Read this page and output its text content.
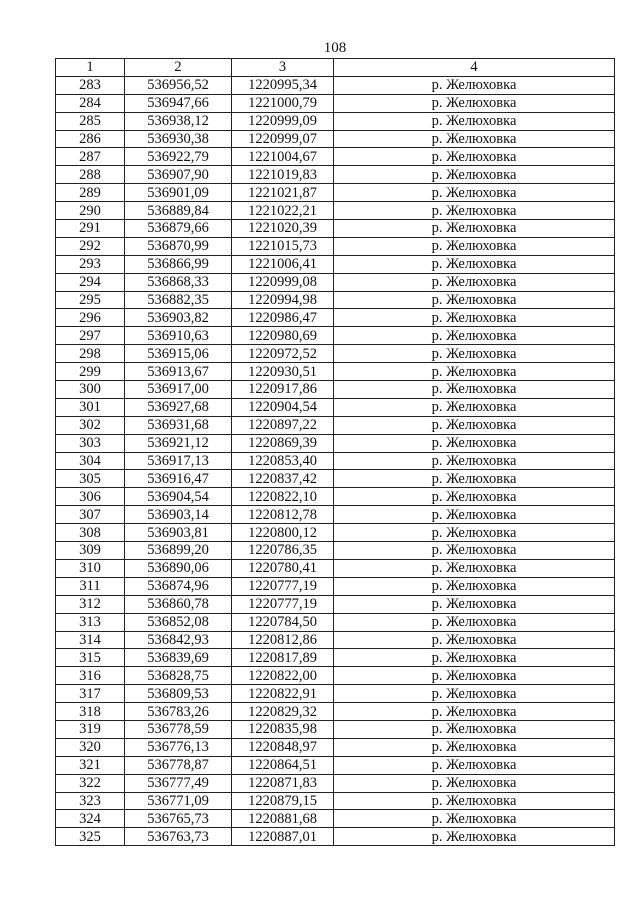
108
1	2	3	4
283	536956,52	1220995,34	р. Желюховка
284	536947,66	1221000,79	р. Желюховка
285	536938,12	1220999,09	р. Желюховка
286	536930,38	1220999,07	р. Желюховка
287	536922,79	1221004,67	р. Желюховка
288	536907,90	1221019,83	р. Желюховка
289	536901,09	1221021,87	р. Желюховка
290	536889,84	1221022,21	р. Желюховка
291	536879,66	1221020,39	р. Желюховка
292	536870,99	1221015,73	р. Желюховка
293	536866,99	1221006,41	р. Желюховка
294	536868,33	1220999,08	р. Желюховка
295	536882,35	1220994,98	р. Желюховка
296	536903,82	1220986,47	р. Желюховка
297	536910,63	1220980,69	р. Желюховка
298	536915,06	1220972,52	р. Желюховка
299	536913,67	1220930,51	р. Желюховка
300	536917,00	1220917,86	р. Желюховка
301	536927,68	1220904,54	р. Желюховка
302	536931,68	1220897,22	р. Желюховка
303	536921,12	1220869,39	р. Желюховка
304	536917,13	1220853,40	р. Желюховка
305	536916,47	1220837,42	р. Желюховка
306	536904,54	1220822,10	р. Желюховка
307	536903,14	1220812,78	р. Желюховка
308	536903,81	1220800,12	р. Желюховка
309	536899,20	1220786,35	р. Желюховка
310	536890,06	1220780,41	р. Желюховка
311	536874,96	1220777,19	р. Желюховка
312	536860,78	1220777,19	р. Желюховка
313	536852,08	1220784,50	р. Желюховка
314	536842,93	1220812,86	р. Желюховка
315	536839,69	1220817,89	р. Желюховка
316	536828,75	1220822,00	р. Желюховка
317	536809,53	1220822,91	р. Желюховка
318	536783,26	1220829,32	р. Желюховка
319	536778,59	1220835,98	р. Желюховка
320	536776,13	1220848,97	р. Желюховка
321	536778,87	1220864,51	р. Желюховка
322	536777,49	1220871,83	р. Желюховка
323	536771,09	1220879,15	р. Желюховка
324	536765,73	1220881,68	р. Желюховка
325	536763,73	1220887,01	р. Желюховка
